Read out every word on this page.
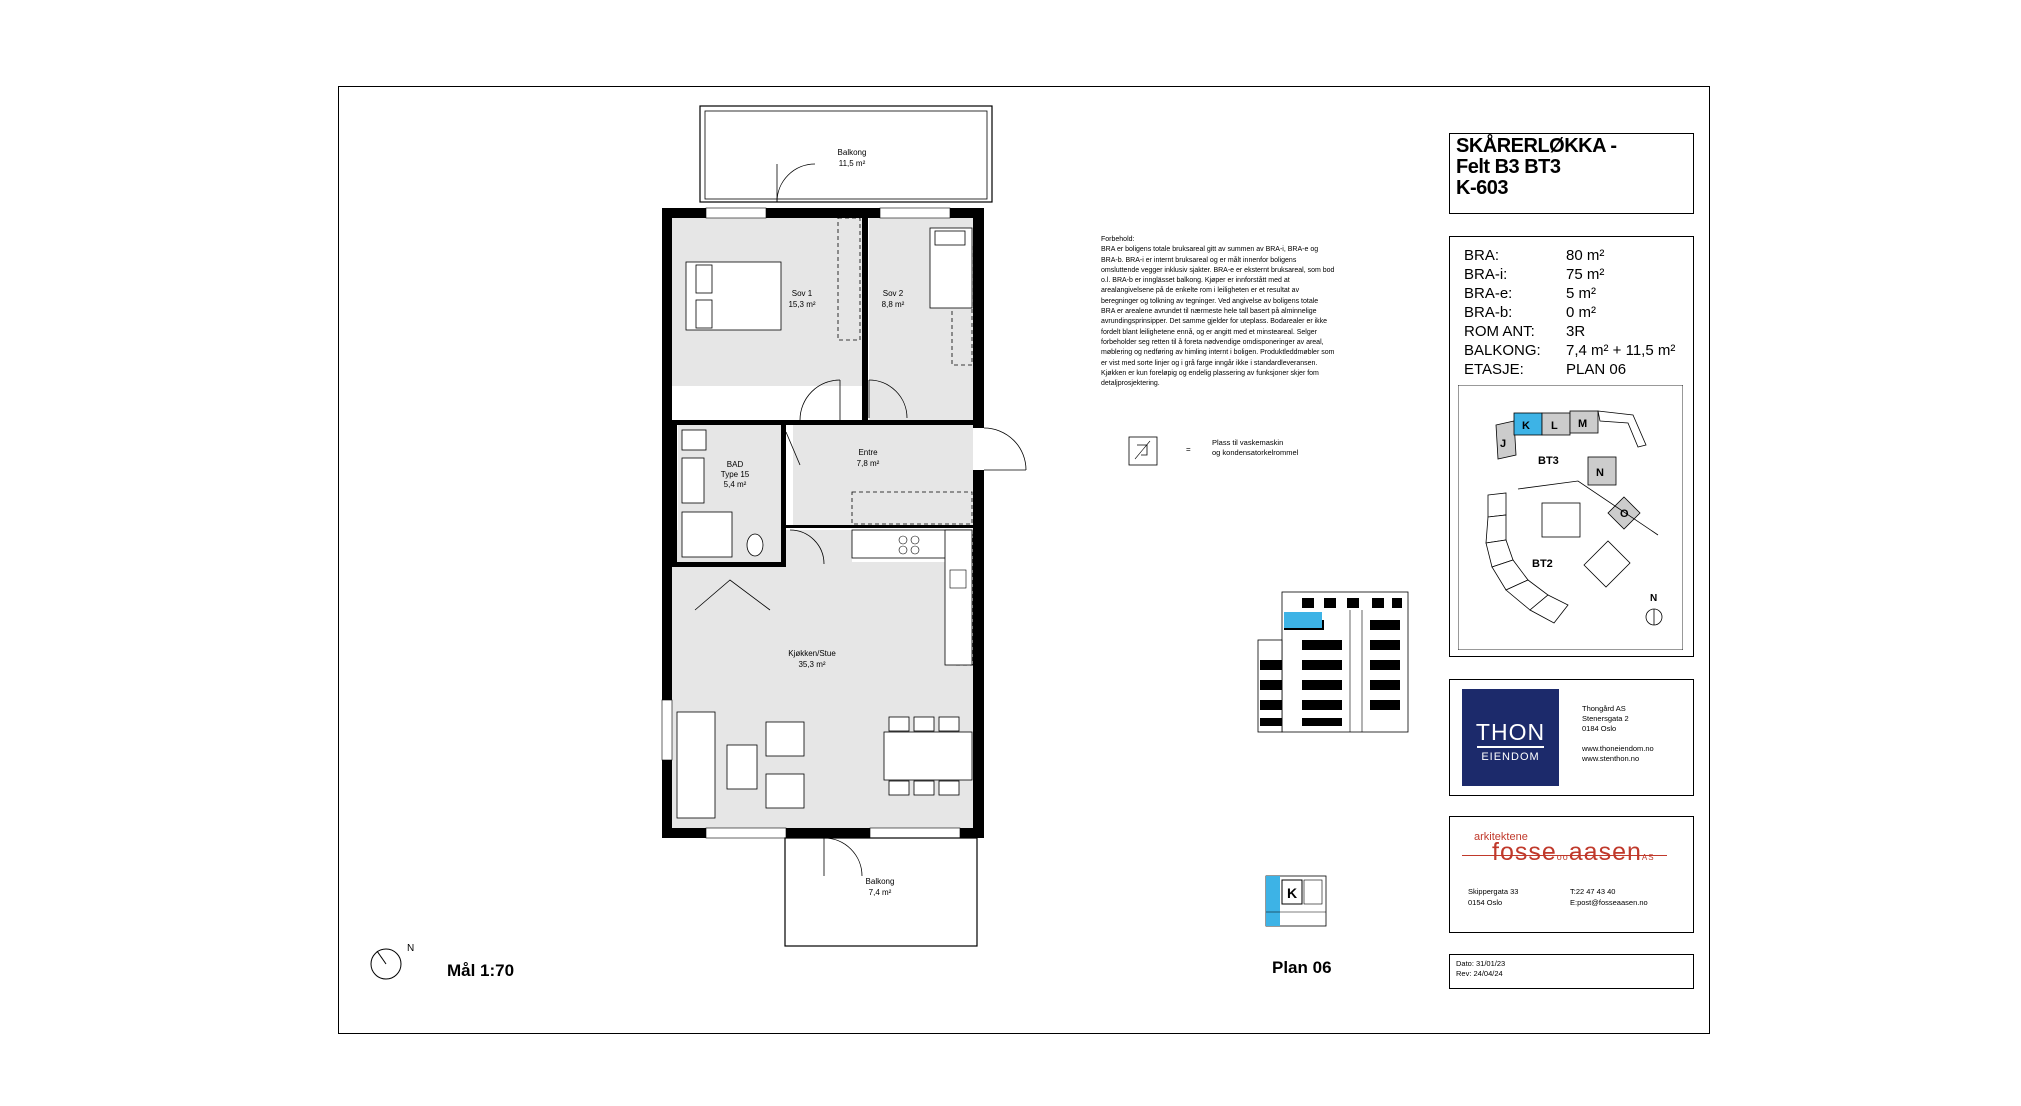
Balkong
11,5 m²
Sov 1
15,3 m²
Sov 2
8,8 m²
BAD
Type 15
5,4 m²
Entre
7,8 m²
Kjøkken/Stue
35,3 m²
Balkong
7,4 m²
N
=
K
SKÅRERLØKKA -
Felt B3 BT3
K-603
BRA:	80 m²
BRA-i:	75 m²
BRA-e:	5 m²
BRA-b:	0 m²
ROM ANT:	3R
BALKONG:	7,4 m² + 11,5 m²
ETASJE:	PLAN 06
J
K L M
N
O
BT3
BT2
N
Forbehold:
BRA er boligens totale bruksareal gitt av summen av BRA-i, BRA-e og
BRA-b. BRA-i er internt bruksareal og er målt innenfor boligens
omsluttende vegger inklusiv sjakter. BRA-e er eksternt bruksareal, som bod
o.l. BRA-b er innglässet balkong. Kjøper er innforstått med at
arealangivelsene på de enkelte rom i leiligheten er et resultat av
beregninger og tolkning av tegninger. Ved angivelse av boligens totale
BRA er arealene avrundet til nærmeste hele tall basert på alminnelige
avrundingsprinsipper. Det samme gjelder for uteplass. Bodarealer er ikke
fordelt blant leilighetene ennå, og er angitt med et minsteareal. Selger
forbeholder seg retten til å foreta nødvendige omdisponeringer av areal,
møblering og nedføring av himling internt i boligen. Produktleddmøbler som
er vist med sorte linjer og i grå farge inngår ikke i standardleveransen.
Kjøkken er kun foreløpig og endelig plassering av funksjoner skjer fom
detaljprosjektering.
Plass til vaskemaskin
og kondensatorkelrommel
Mål 1:70	Plan 06
THON
EIENDOM
Thongård AS
Stenersgata 2
0184 Oslo
www.thoneiendom.no
www.stenthon.no
arkitektene
fosseooaasenAS
Skippergata 33
0154 Oslo
T:22 47 43 40
E:post@fosseaasen.no
Dato: 31/01/23
Rev: 24/04/24
